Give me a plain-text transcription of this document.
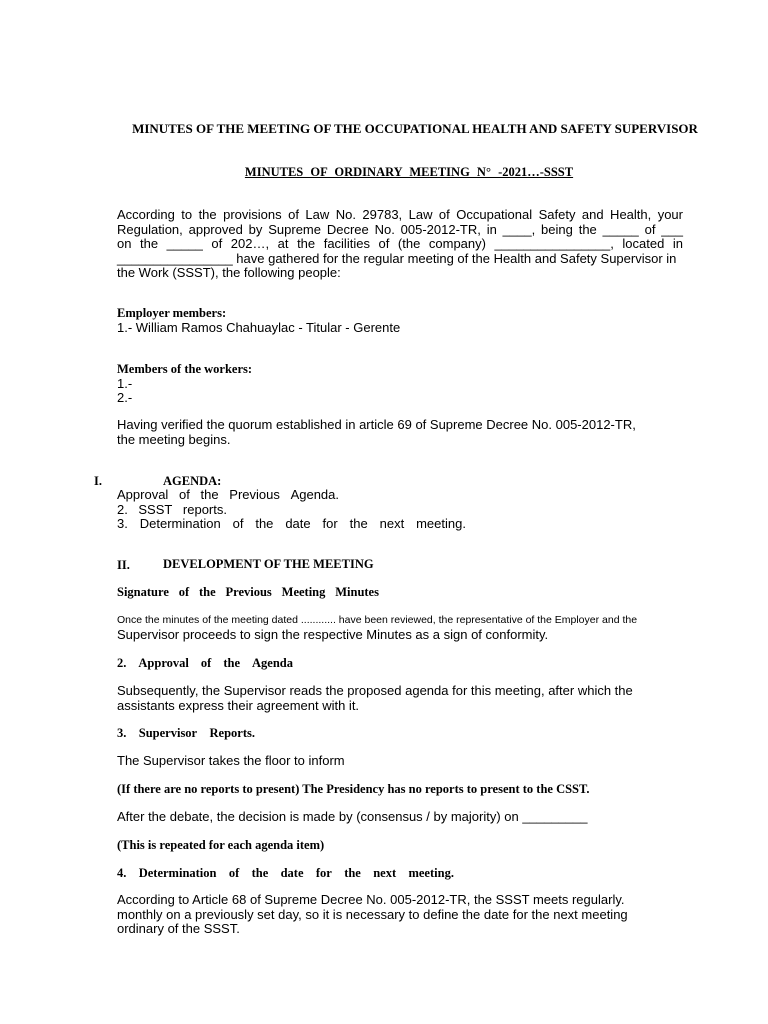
MINUTES OF THE MEETING OF THE OCCUPATIONAL HEALTH AND SAFETY SUPERVISOR
MINUTES OF ORDINARY MEETING N° -2021…-SSST
According to the provisions of Law No. 29783, Law of Occupational Safety and Health, your
Regulation, approved by Supreme Decree No. 005-2012-TR, in ____, being the _____ of ___
on the _____ of 202…, at the facilities of (the company) ________________, located in
________________ have gathered for the regular meeting of the Health and Safety Supervisor in
the Work (SSST), the following people:
Employer members:
1.- William Ramos Chahuaylac - Titular - Gerente
Members of the workers:
1.-
2.-
Having verified the quorum established in article 69 of Supreme Decree No. 005-2012-TR,
the meeting begins.
I.	AGENDA:
Approval of the Previous Agenda.
2. SSST reports.
3. Determination of the date for the next meeting.
II.	DEVELOPMENT OF THE MEETING
Signature of the Previous Meeting Minutes
Once the minutes of the meeting dated ............ have been reviewed, the representative of the Employer and the
Supervisor proceeds to sign the respective Minutes as a sign of conformity.
2. Approval of the Agenda
Subsequently, the Supervisor reads the proposed agenda for this meeting, after which the
assistants express their agreement with it.
3. Supervisor Reports.
The Supervisor takes the floor to inform
(If there are no reports to present) The Presidency has no reports to present to the CSST.
After the debate, the decision is made by (consensus / by majority) on _________
(This is repeated for each agenda item)
4. Determination of the date for the next meeting.
According to Article 68 of Supreme Decree No. 005-2012-TR, the SSST meets regularly.
monthly on a previously set day, so it is necessary to define the date for the next meeting
ordinary of the SSST.
